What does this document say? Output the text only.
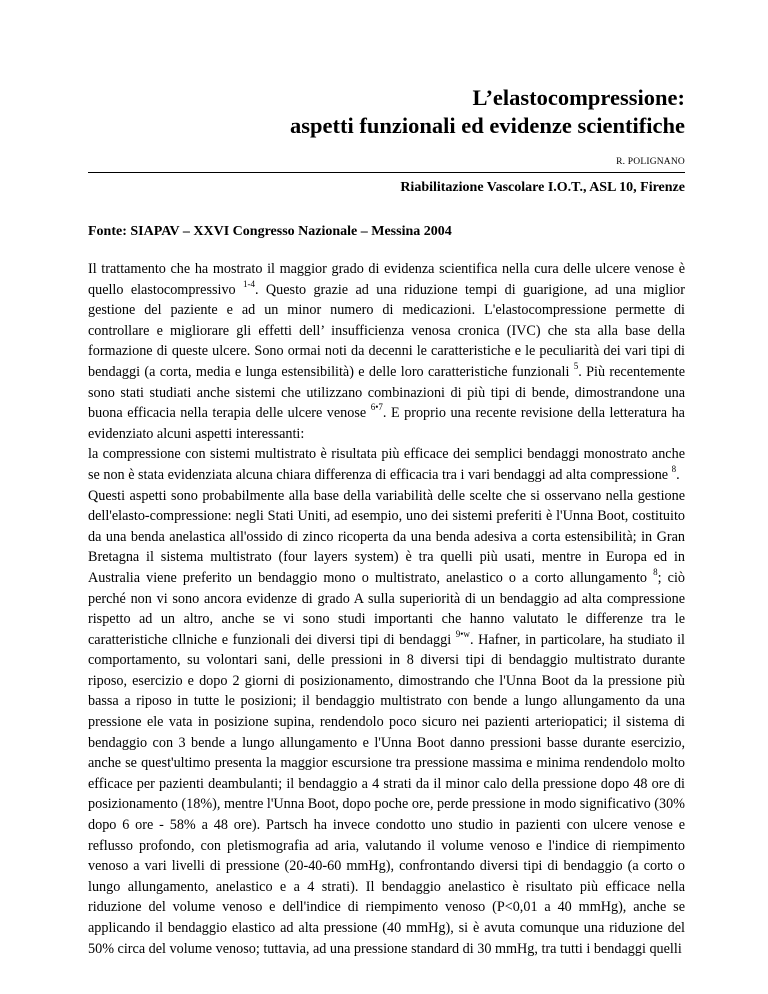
L’elastocompressione:
aspetti funzionali ed evidenze scientifiche
R. POLIGNANO
Riabilitazione Vascolare I.O.T., ASL 10, Firenze
Fonte: SIAPAV – XXVI Congresso Nazionale – Messina 2004

Il trattamento che ha mostrato il maggior grado di evidenza scientifica nella cura delle ulcere venose è quello elastocompressivo $^{1-4}$. Questo grazie ad una riduzione tempi di guarigione, ad una miglior gestione del paziente e ad un minor numero di medicazioni. L'elastocompressione permette di controllare e migliorare gli effetti dell’ insufficienza venosa cronica (IVC) che sta alla base della formazione di queste ulcere. Sono ormai noti da decenni le caratteristiche e le peculiarità dei vari tipi di bendaggi (a corta, media e lunga estensibilità) e delle loro caratteristiche funzionali $^5$. Più recentemente sono stati studiati anche sistemi che utilizzano combinazioni di più tipi di bende, dimostrandone una buona efficacia nella terapia delle ulcere venose $^{6•7}$. E proprio una recente revisione della letteratura ha evidenziato alcuni aspetti interessanti:

la compressione con sistemi multistrato è risultata più efficace dei semplici bendaggi monostrato anche se non è stata evidenziata alcuna chiara differenza di efficacia tra i vari bendaggi ad alta compressione $^8$.

Questi aspetti sono probabilmente alla base della variabilità delle scelte che si osservano nella gestione dell'elasto-compressione: negli Stati Uniti, ad esempio, uno dei sistemi preferiti è l'Unna Boot, costituito da una benda anelastica all'ossido di zinco ricoperta da una benda adesiva a corta estensibilità; in Gran Bretagna il sistema multistrato (four layers system) è tra quelli più usati, mentre in Europa ed in Australia viene preferito un bendaggio mono o multistrato, anelastico o a corto allungamento $^8$; ciò perché non vi sono ancora evidenze di grado A sulla superiorità di un bendaggio ad alta compressione rispetto ad un altro, anche se vi sono studi importanti che hanno valutato le differenze tra le caratteristiche cllniche e funzionali dei diversi tipi di bendaggi $^{9•w}$. Hafner, in particolare, ha studiato il comportamento, su volontari sani, delle pressioni in 8 diversi tipi di bendaggio multistrato durante riposo, esercizio e dopo 2 giorni di posizionamento, dimostrando che l'Unna Boot da la pressione più bassa a riposo in tutte le posizioni; il bendaggio multistrato con bende a lungo allungamento da una pressione ele vata in posizione supina, rendendolo poco sicuro nei pazienti arteriopatici; il sistema di bendaggio con 3 bende a lungo allungamento e l'Unna Boot danno pressioni basse durante esercizio, anche se quest'ultimo presenta la maggior escursione tra pressione massima e minima rendendolo molto efficace per pazienti deambulanti; il bendaggio a 4 strati da il minor calo della pressione dopo 48 ore di posizionamento (18%), mentre l'Unna Boot, dopo poche ore, perde pressione in modo significativo (30% dopo 6 ore - 58% a 48 ore). Partsch ha invece condotto uno studio in pazienti con ulcere venose e reflusso profondo, con pletismografia ad aria, valutando il volume venoso e l'indice di riempimento venoso a vari livelli di pressione (20-40-60 mmHg), confrontando diversi tipi di bendaggio (a corto o lungo allungamento, anelastico e a 4 strati). Il bendaggio anelastico è risultato più efficace nella riduzione del volume venoso e dell'indice di riempimento venoso (P<0,01 a 40 mmHg), anche se applicando il bendaggio elastico ad alta pressione (40 mmHg), si è avuta comunque una riduzione del 50% circa del volume venoso; tuttavia, ad una pressione standard di 30 mmHg, tra tutti i bendaggi quelli
